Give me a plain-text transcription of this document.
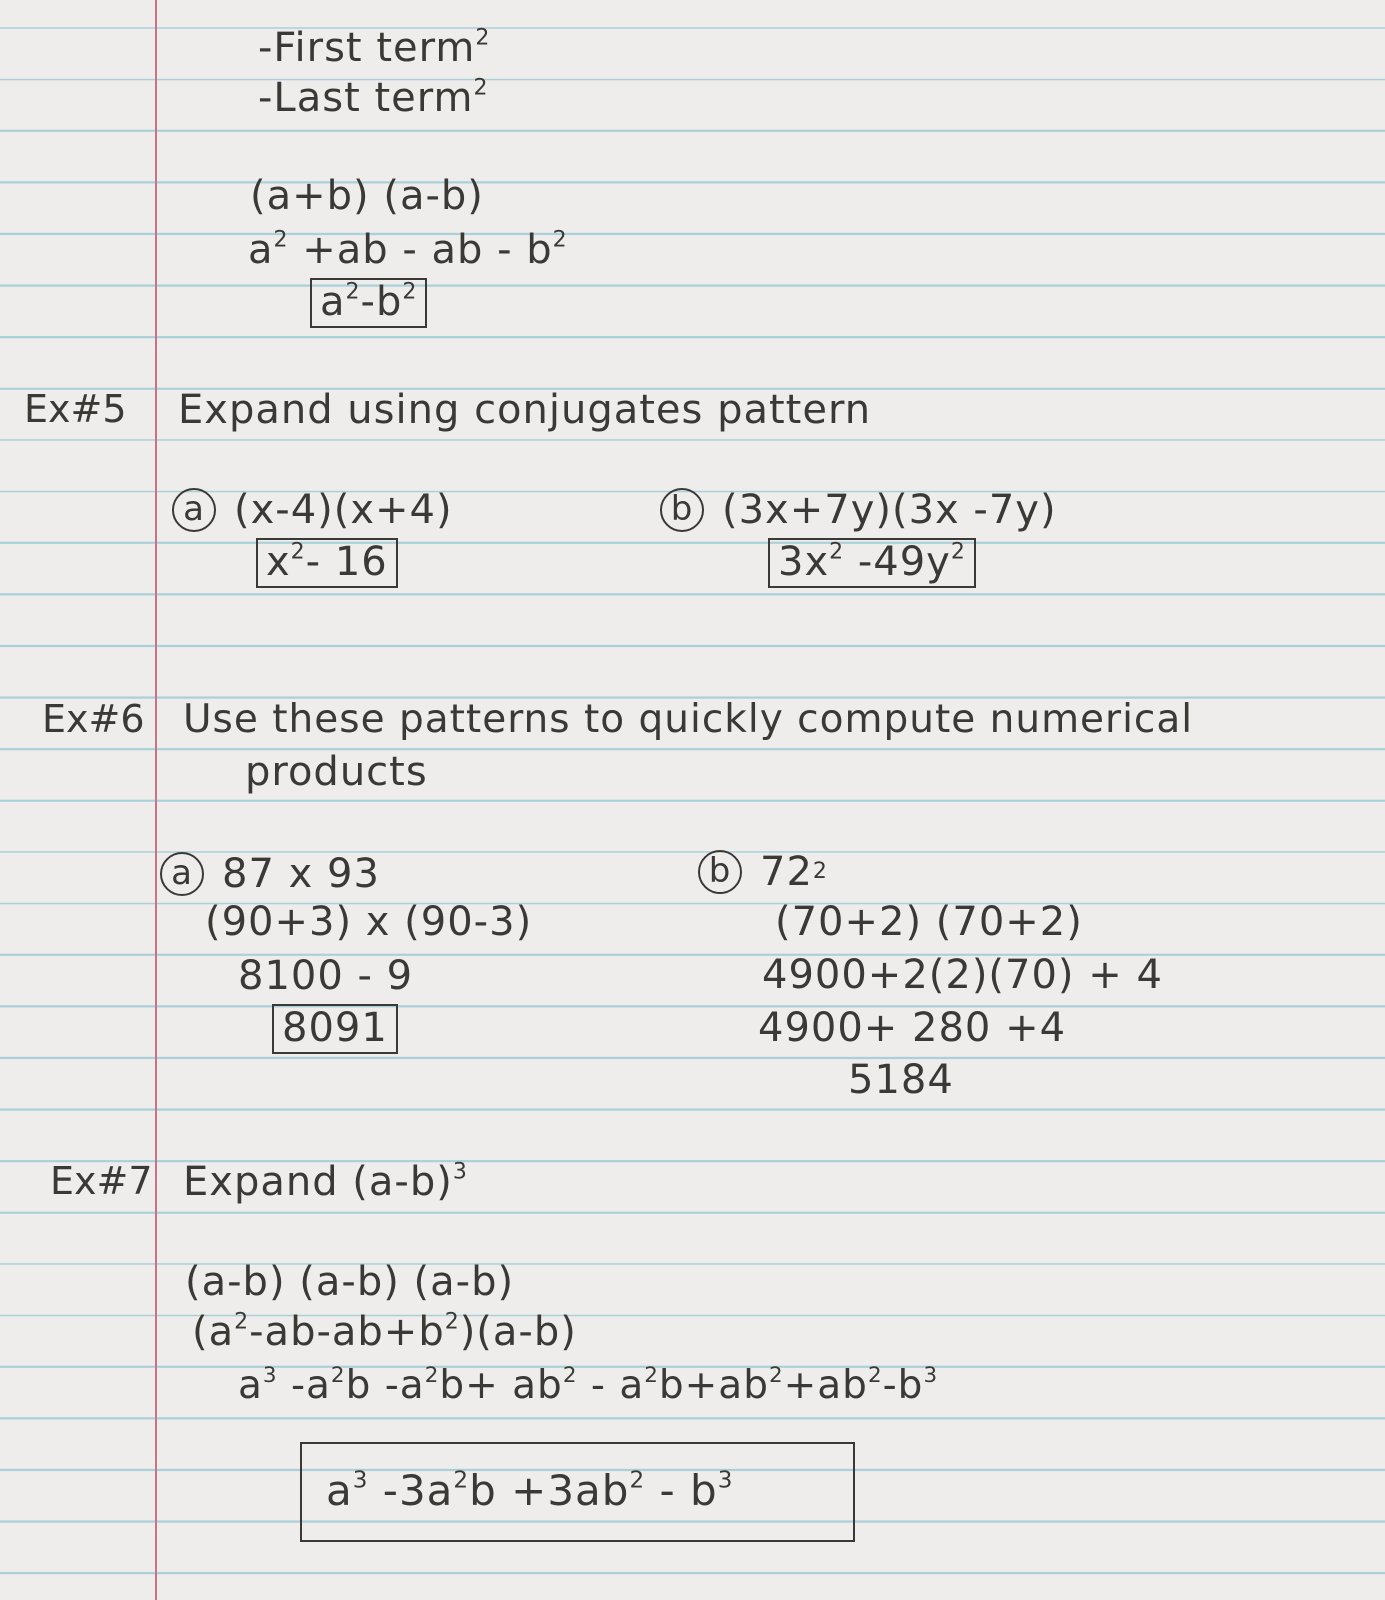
-First term$^2$

-Last term$^2$

(a+b) (a-b)

$a^2 +ab$ - ab - $b^2$

$a^2-b^2$

Ex#5 Expand using conjugates pattern

a (x-4)(x+4)

$x^2-$ 16

b (3x+7y)(3x -7y)

$3x^2$ $-49y^2$

Ex#6 Use these patterns to quickly compute numerical

products

a 87 x 93

(90+3) x (90-3)

8100 - 9

8091

b 72 2

(70+2) (70+2)

4900+2(2)(70) + 4

4900+ 280 +4

5184

Ex#7 Expand $(a-b)^3$

(a-b) (a-b) (a-b)

$(a^2-ab-ab+b^2)(a-b)$

$a^3$ $-a^2b$ $-a^2b+ ab^2 - a^2b+ab^2+ab^2-b^3$

$a^3$ $-3a^2b +3ab^2 - b^3$
